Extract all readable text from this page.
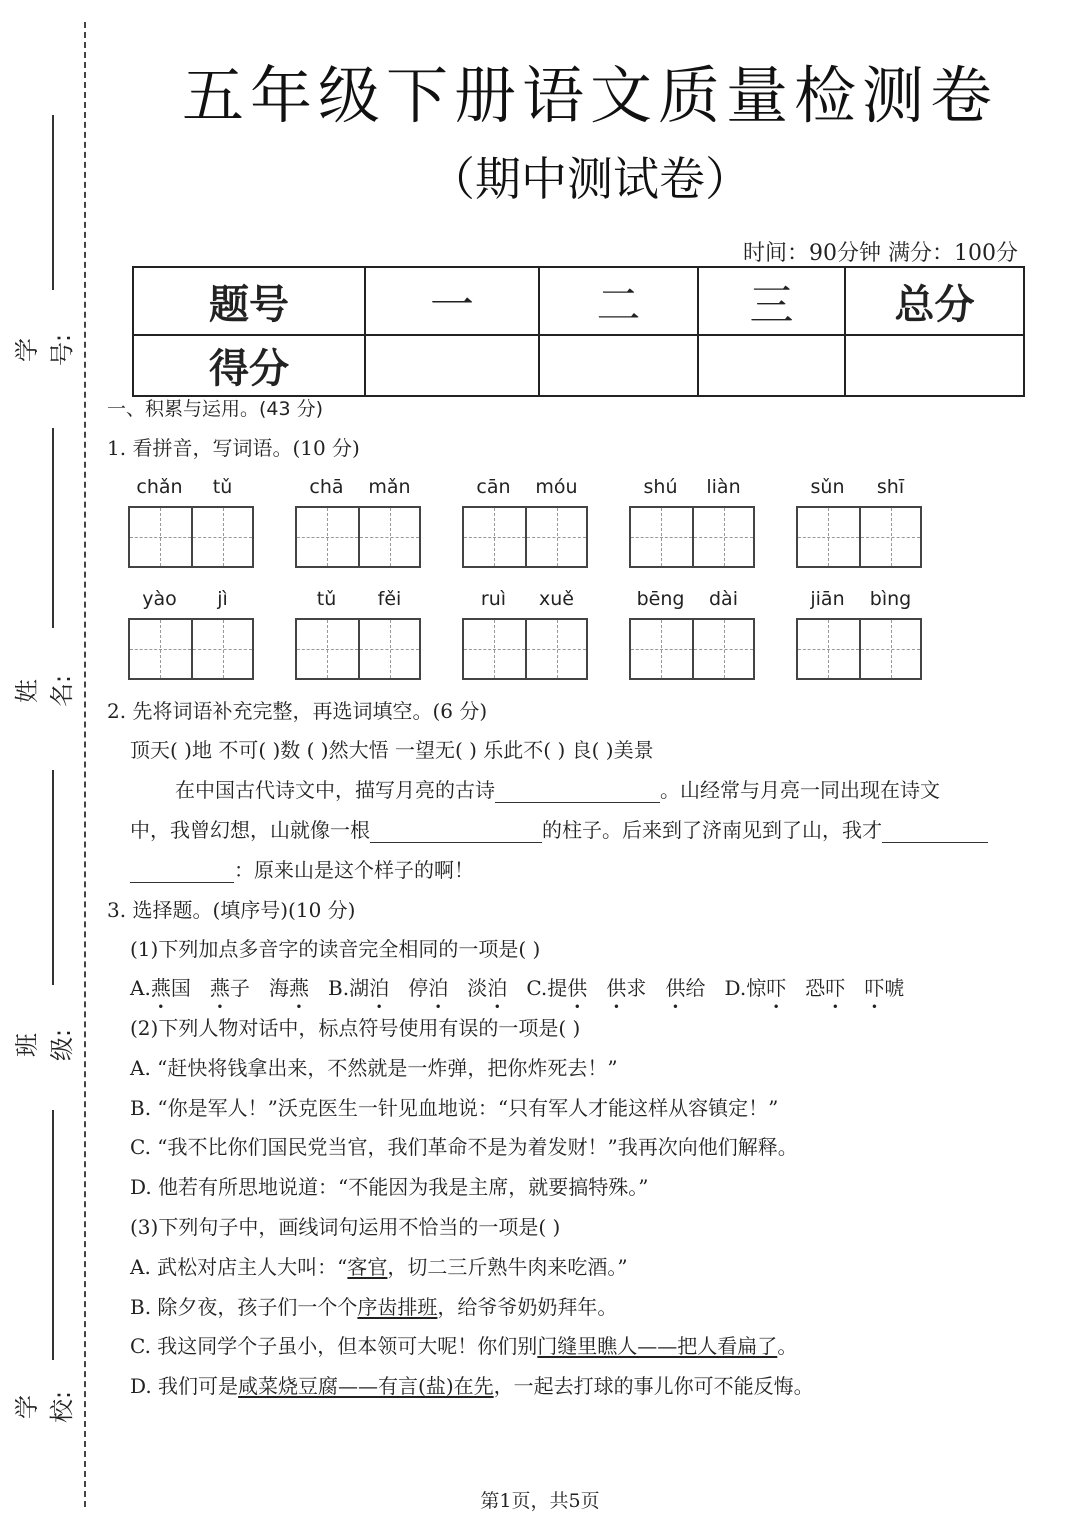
学号:
姓名:
班级:
学校:
五年级下册语文质量检测卷
（期中测试卷）
时间：90分钟 满分：100分
题号	一	二	三	总分
得分				
一、积累与运用。(43 分)
1. 看拼音，写词语。(10 分)
chǎn	tǔ	chā	mǎn	cān	móu	shú	liàn	sǔn	shī
yào	jì	tǔ	fěi	ruì	xuě	bēng	dài	jiān	bìng
2. 先将词语补充完整，再选词填空。(6 分)
顶天( )地 不可( )数 ( )然大悟 一望无( ) 乐此不( ) 良( )美景
在中国古代诗文中，描写月亮的古诗	。山经常与月亮一同出现在诗文
中，我曾幻想，山就像一根	的柱子。后来到了济南见到了山，我才
：原来山是这个样子的啊！
3. 选择题。(填序号)(10 分)
(1)下列加点多音字的读音完全相同的一项是( )
A.燕国 燕子 海燕 B.湖泊 停泊 淡泊 C.提供 供求 供给 D.惊吓 恐吓 吓唬
(2)下列人物对话中，标点符号使用有误的一项是( )
A. “赶快将钱拿出来，不然就是一炸弹，把你炸死去！”
B. “你是军人！”沃克医生一针见血地说：“只有军人才能这样从容镇定！”
C. “我不比你们国民党当官，我们革命不是为着发财！”我再次向他们解释。
D. 他若有所思地说道：“不能因为我是主席，就要搞特殊。”
(3)下列句子中，画线词句运用不恰当的一项是( )
A. 武松对店主人大叫：“客官，切二三斤熟牛肉来吃酒。”
B. 除夕夜，孩子们一个个序齿排班，给爷爷奶奶拜年。
C. 我这同学个子虽小，但本领可大呢！你们别门缝里瞧人——把人看扁了。
D. 我们可是咸菜烧豆腐——有言(盐)在先，一起去打球的事儿你可不能反悔。
第1页，共5页
